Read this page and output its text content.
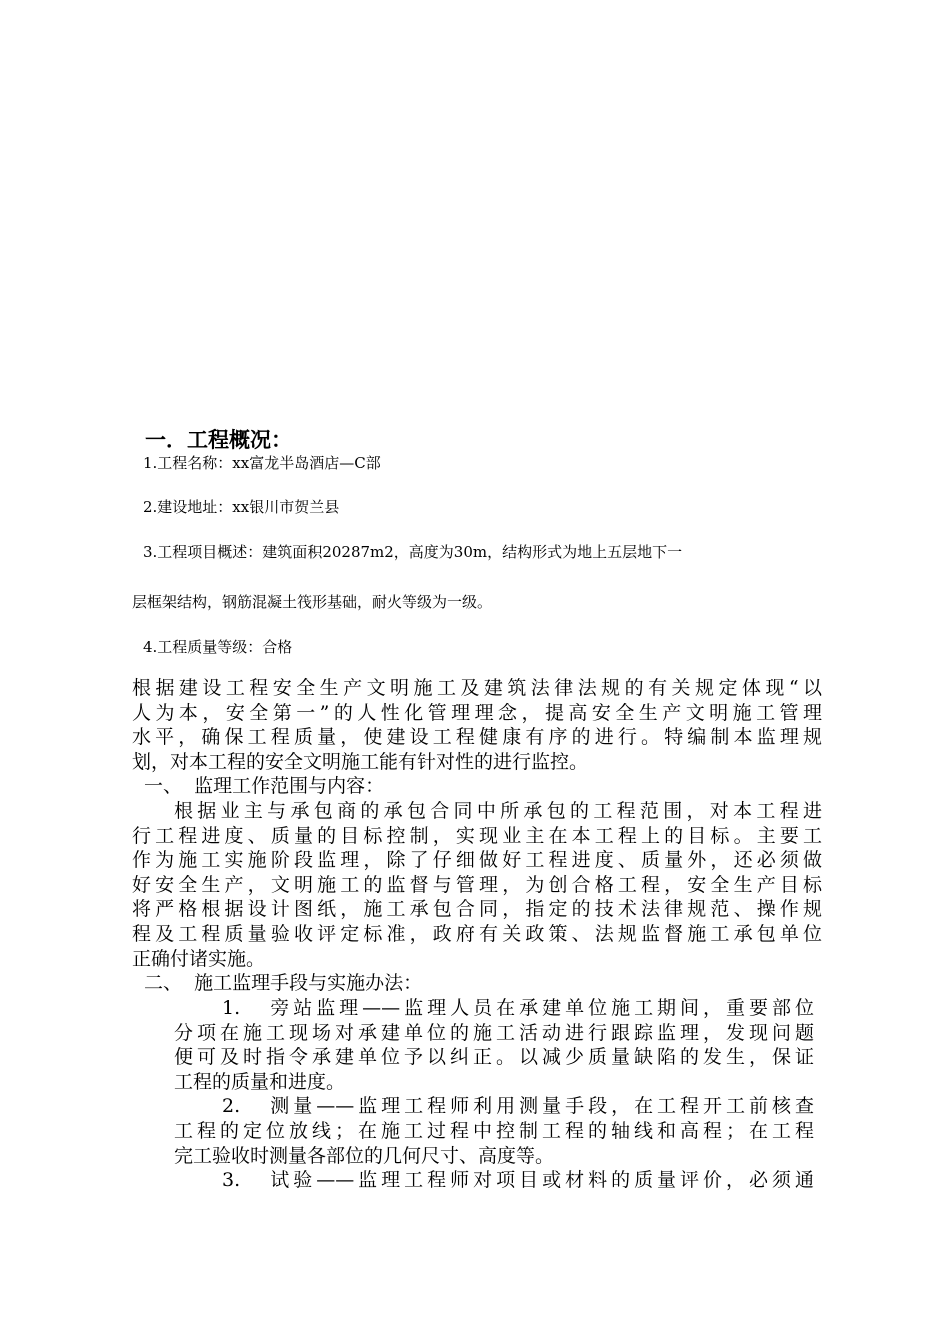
一．工程概况：
1.工程名称：xx富龙半岛酒店—C部
2.建设地址：xx银川市贺兰县
3.工程项目概述：建筑面积20287m2，高度为30m，结构形式为地上五层地下一
层框架结构，钢筋混凝土筏形基础，耐火等级为一级。
4.工程质量等级：合格
根据建设工程安全生产文明施工及建筑法律法规的有关规定体现“以
人为本，安全第一”的人性化管理理念，提高安全生产文明施工管理
水平，确保工程质量，使建设工程健康有序的进行。特编制本监理规
划，对本工程的安全文明施工能有针对性的进行监控。
一、  监理工作范围与内容：
根据业主与承包商的承包合同中所承包的工程范围，对本工程进
行工程进度、质量的目标控制，实现业主在本工程上的目标。主要工
作为施工实施阶段监理，除了仔细做好工程进度、质量外，还必须做
好安全生产，文明施工的监督与管理，为创合格工程，安全生产目标
将严格根据设计图纸，施工承包合同，指定的技术法律规范、操作规
程及工程质量验收评定标准，政府有关政策、法规监督施工承包单位
正确付诸实施。
二、  施工监理手段与实施办法：
1.   旁站监理——监理人员在承建单位施工期间，重要部位
分项在施工现场对承建单位的施工活动进行跟踪监理，发现问题
便可及时指令承建单位予以纠正。以减少质量缺陷的发生，保证
工程的质量和进度。
2.   测量——监理工程师利用测量手段，在工程开工前核查
工程的定位放线；在施工过程中控制工程的轴线和高程；在工程
完工验收时测量各部位的几何尺寸、高度等。
3.   试验——监理工程师对项目或材料的质量评价，必须通
